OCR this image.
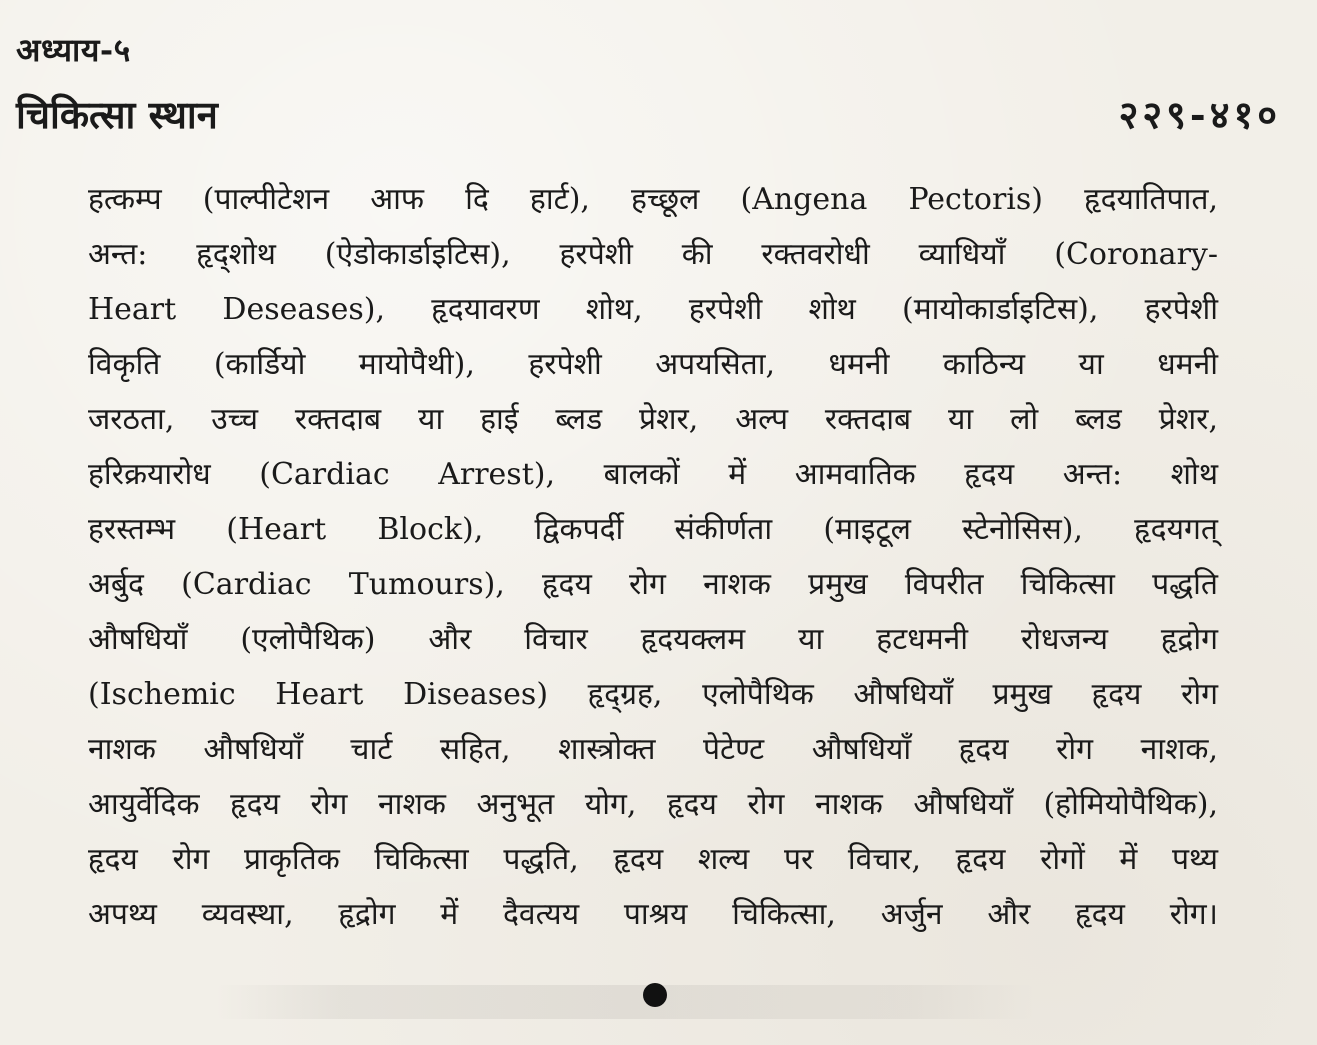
अध्याय-५
चिकित्सा स्थान	२२९-४१०
हत्कम्प (पाल्पीटेशन आफ दि हार्ट), हच्छूल (Angena Pectoris) हृदयातिपात,
अन्त: हृद्शोथ (ऐडोकार्डाइटिस), हरपेशी की रक्तवरोधी व्याधियाँ (Coronary-
Heart Deseases), हृदयावरण शोथ, हरपेशी शोथ (मायोकार्डाइटिस), हरपेशी
विकृति (कार्डियो मायोपैथी), हरपेशी अपयसिता, धमनी काठिन्य या धमनी
जरठता, उच्च रक्तदाब या हाई ब्लड प्रेशर, अल्प रक्तदाब या लो ब्लड प्रेशर,
हरिक्रयारोध (Cardiac Arrest), बालकों में आमवातिक हृदय अन्त: शोथ
हरस्तम्भ (Heart Block), द्विकपर्दी संकीर्णता (माइटूल स्टेनोसिस), हृदयगत्
अर्बुद (Cardiac Tumours), हृदय रोग नाशक प्रमुख विपरीत चिकित्सा पद्धति
औषधियाँ (एलोपैथिक) और विचार हृदयक्लम या हटधमनी रोधजन्य हृद्रोग
(Ischemic Heart Diseases) हृद्ग्रह, एलोपैथिक औषधियाँ प्रमुख हृदय रोग
नाशक औषधियाँ चार्ट सहित, शास्त्रोक्त पेटेण्ट औषधियाँ हृदय रोग नाशक,
आयुर्वेदिक हृदय रोग नाशक अनुभूत योग, हृदय रोग नाशक औषधियाँ (होमियोपैथिक),
हृदय रोग प्राकृतिक चिकित्सा पद्धति, हृदय शल्य पर विचार, हृदय रोगों में पथ्य
अपथ्य व्यवस्था, हृद्रोग में दैवत्यय पाश्रय चिकित्सा, अर्जुन और हृदय रोग।
